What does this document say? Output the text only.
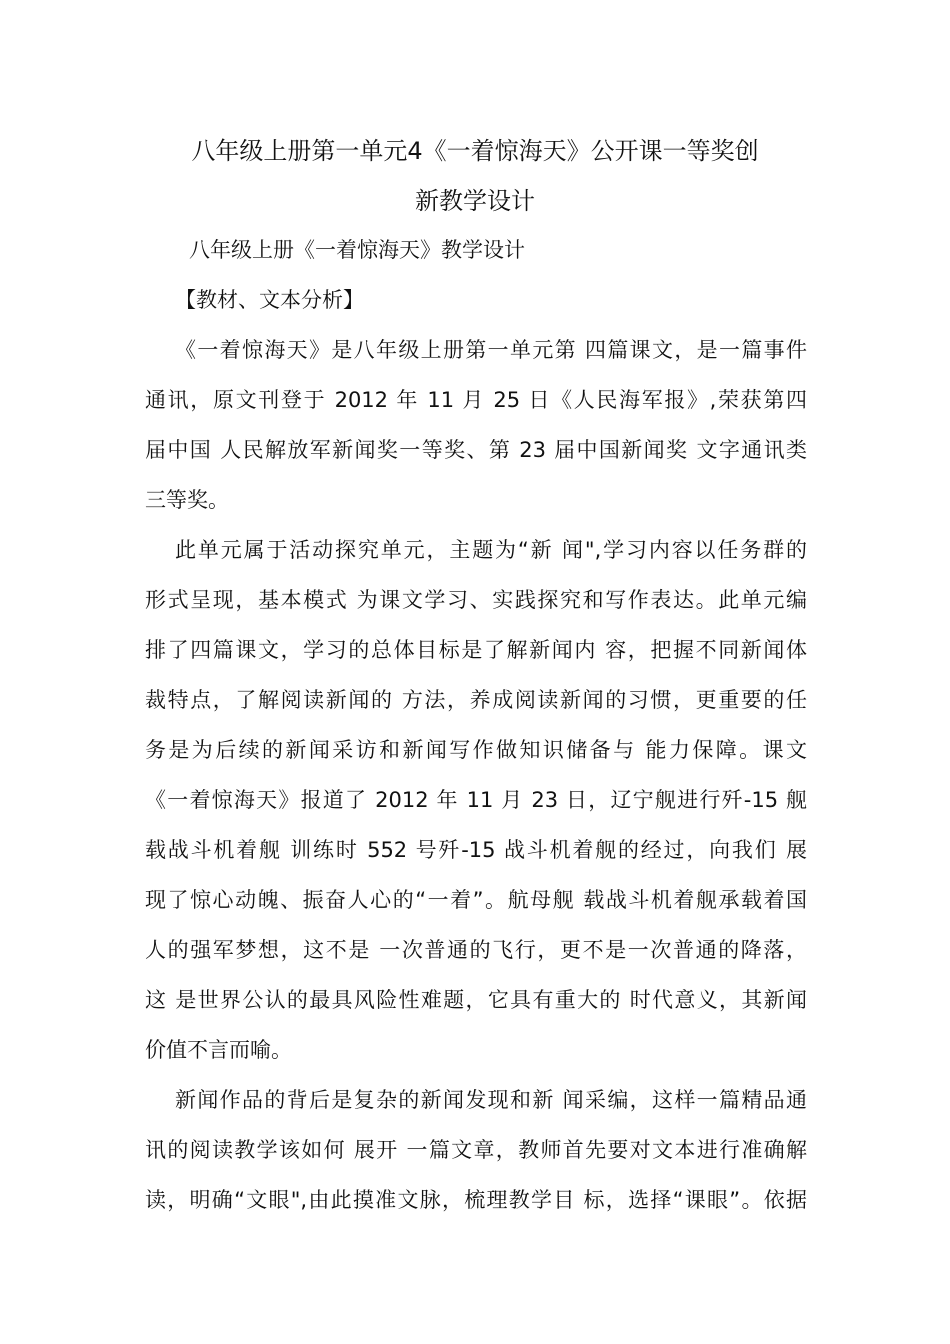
八年级上册第一单元4《一着惊海天》公开课一等奖创
新教学设计
八年级上册《一着惊海天》教学设计
【教材、文本分析】
《一着惊海天》是八年级上册第一单元第 四篇课文，是一篇事件
通讯，原文刊登于 2012 年 11 月 25 日《人民海军报》,荣获第四
届中国 人民解放军新闻奖一等奖、第 23 届中国新闻奖 文字通讯类
三等奖。
此单元属于活动探究单元，主题为“新 闻",学习内容以任务群的
形式呈现，基本模式 为课文学习、实践探究和写作表达。此单元编
排了四篇课文，学习的总体目标是了解新闻内 容，把握不同新闻体
裁特点，了解阅读新闻的 方法，养成阅读新闻的习惯，更重要的任
务是为后续的新闻采访和新闻写作做知识储备与 能力保障。课文
《一着惊海天》报道了 2012 年 11 月 23 日，辽宁舰进行歼-15 舰
载战斗机着舰 训练时 552 号歼-15 战斗机着舰的经过，向我们 展
现了惊心动魄、振奋人心的“一着”。航母舰 载战斗机着舰承载着国
人的强军梦想，这不是 一次普通的飞行，更不是一次普通的降落，
这 是世界公认的最具风险性难题，它具有重大的 时代意义，其新闻
价值不言而喻。
新闻作品的背后是复杂的新闻发现和新 闻采编，这样一篇精品通
讯的阅读教学该如何 展开 一篇文章，教师首先要对文本进行准确解
读，明确“文眼",由此摸准文脉，梳理教学目 标，选择“课眼”。依据
